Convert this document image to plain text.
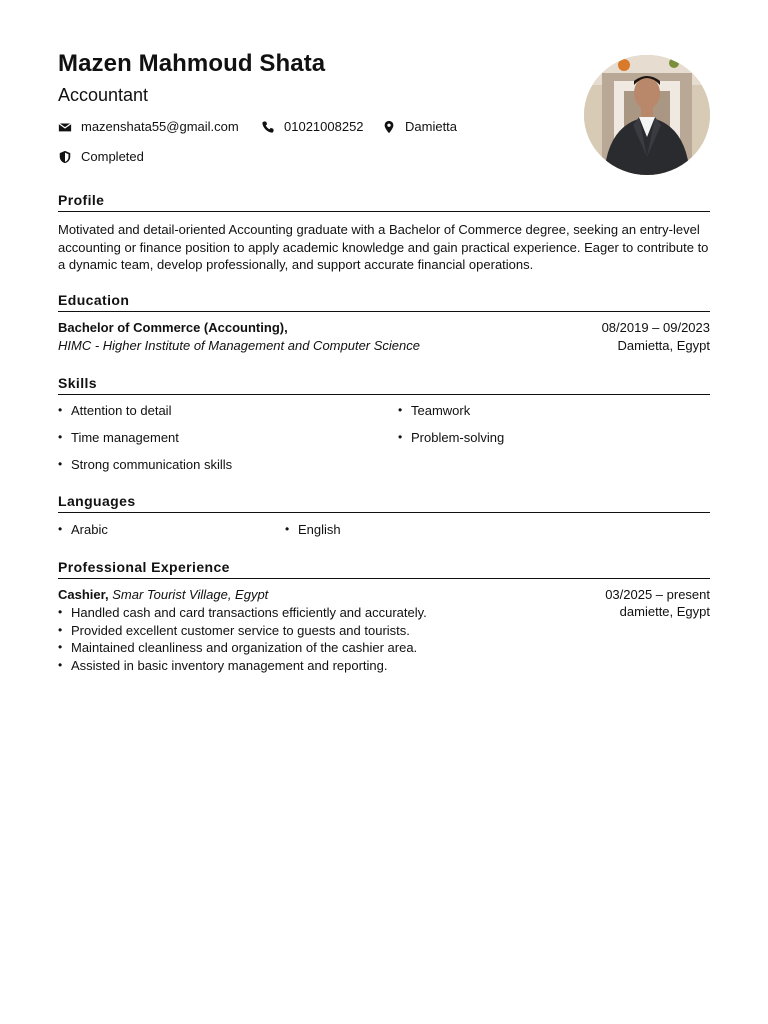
Mazen Mahmoud Shata
Accountant
mazenshata55@gmail.com	01021008252	Damietta
Completed
Profile
Motivated and detail-oriented Accounting graduate with a Bachelor of Commerce degree, seeking an entry-level accounting or finance position to apply academic knowledge and gain practical experience. Eager to contribute to a dynamic team, develop professionally, and support accurate financial operations.
Education
Bachelor of Commerce (Accounting),	08/2019 – 09/2023
HIMC - Higher Institute of Management and Computer Science	Damietta, Egypt
Skills
• Attention to detail	• Teamwork
• Time management	• Problem-solving
• Strong communication skills
Languages
• Arabic	• English
Professional Experience
Cashier, Smar Tourist Village, Egypt	03/2025 – present
damiette, Egypt
• Handled cash and card transactions efficiently and accurately.
• Provided excellent customer service to guests and tourists.
• Maintained cleanliness and organization of the cashier area.
• Assisted in basic inventory management and reporting.
